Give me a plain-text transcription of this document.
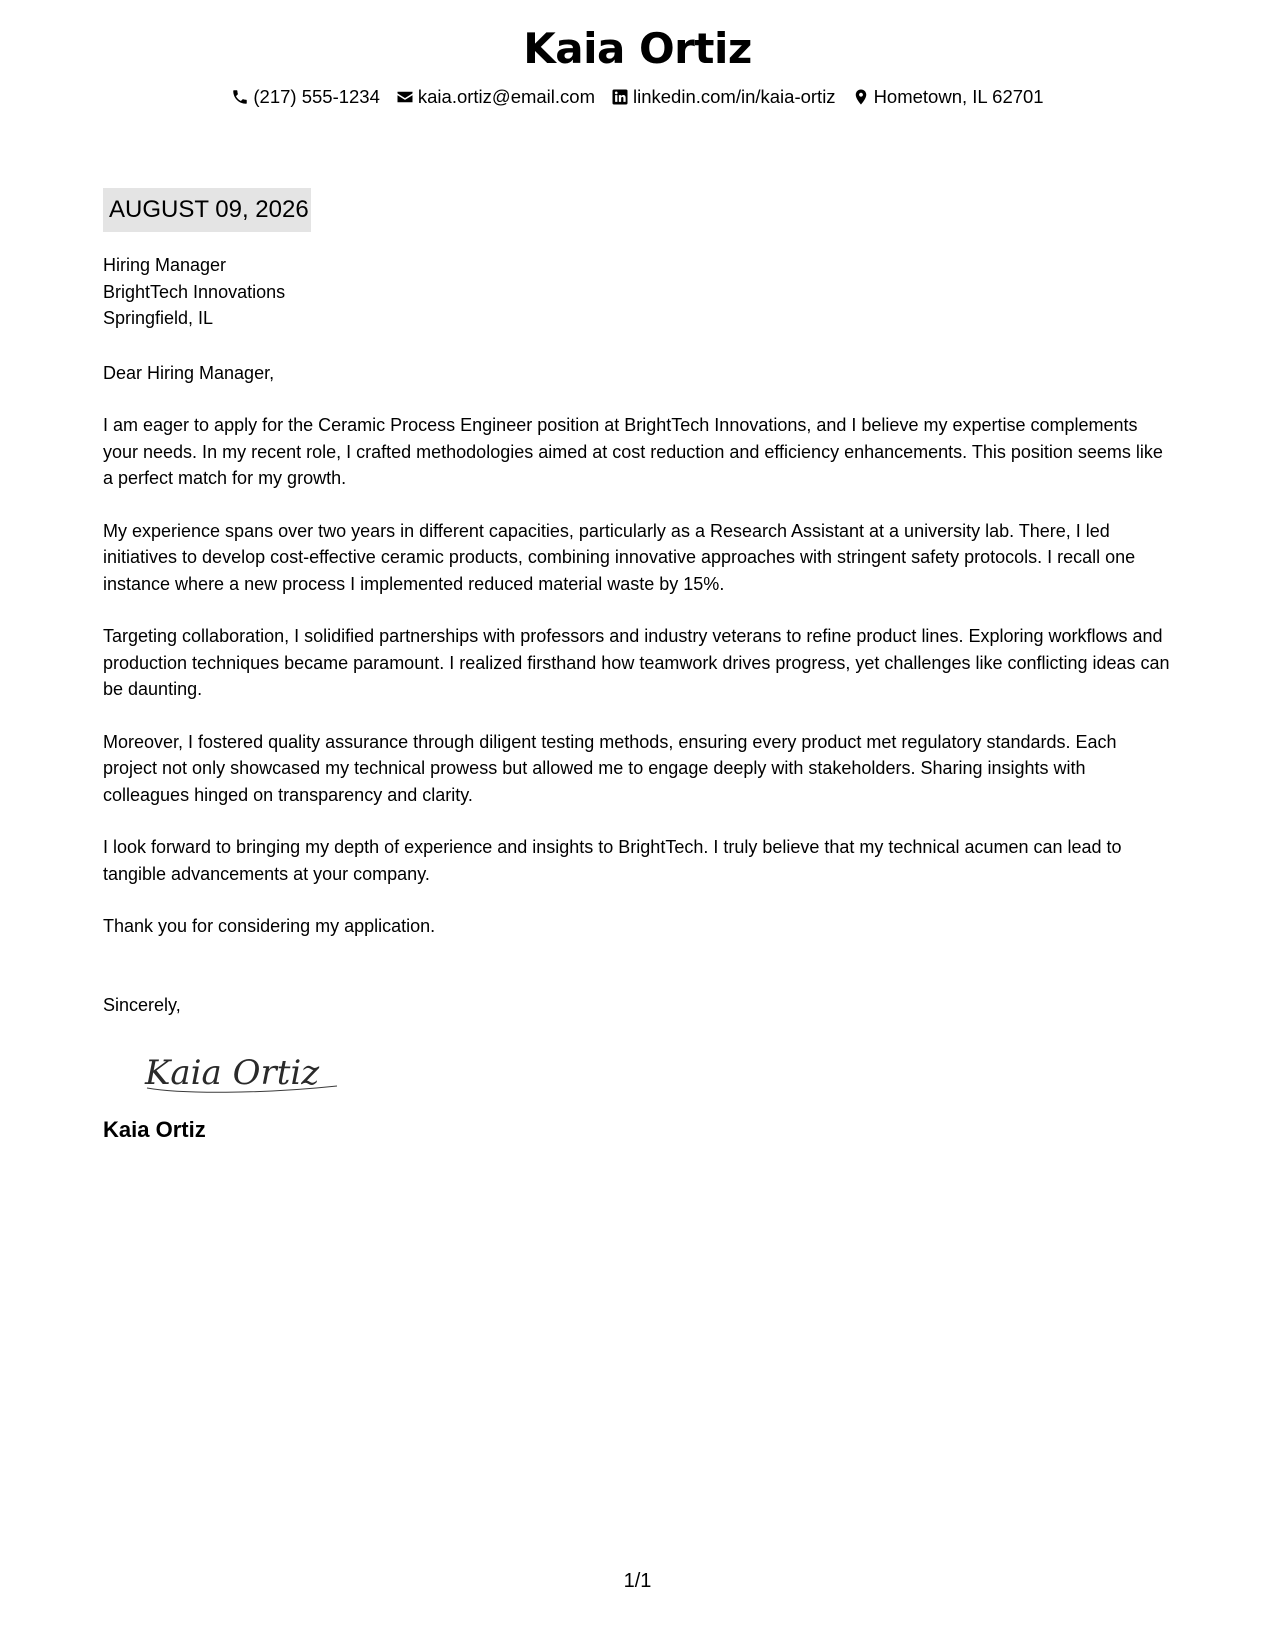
Kaia Ortiz
(217) 555-1234 kaia.ortiz@email.com linkedin.com/in/kaia-ortiz Hometown, IL 62701
AUGUST 09, 2026
Hiring Manager
BrightTech Innovations
Springfield, IL
Dear Hiring Manager,

I am eager to apply for the Ceramic Process Engineer position at BrightTech Innovations, and I believe my expertise complements your needs. In my recent role, I crafted methodologies aimed at cost reduction and efficiency enhancements. This position seems like a perfect match for my growth.

My experience spans over two years in different capacities, particularly as a Research Assistant at a university lab. There, I led initiatives to develop cost-effective ceramic products, combining innovative approaches with stringent safety protocols. I recall one instance where a new process I implemented reduced material waste by 15%.

Targeting collaboration, I solidified partnerships with professors and industry veterans to refine product lines. Exploring workflows and production techniques became paramount. I realized firsthand how teamwork drives progress, yet challenges like conflicting ideas can be daunting.

Moreover, I fostered quality assurance through diligent testing methods, ensuring every product met regulatory standards. Each project not only showcased my technical prowess but allowed me to engage deeply with stakeholders. Sharing insights with colleagues hinged on transparency and clarity.

I look forward to bringing my depth of experience and insights to BrightTech. I truly believe that my technical acumen can lead to tangible advancements at your company.

Thank you for considering my application.

Sincerely,
Kaia Ortiz
Kaia Ortiz
1/1
